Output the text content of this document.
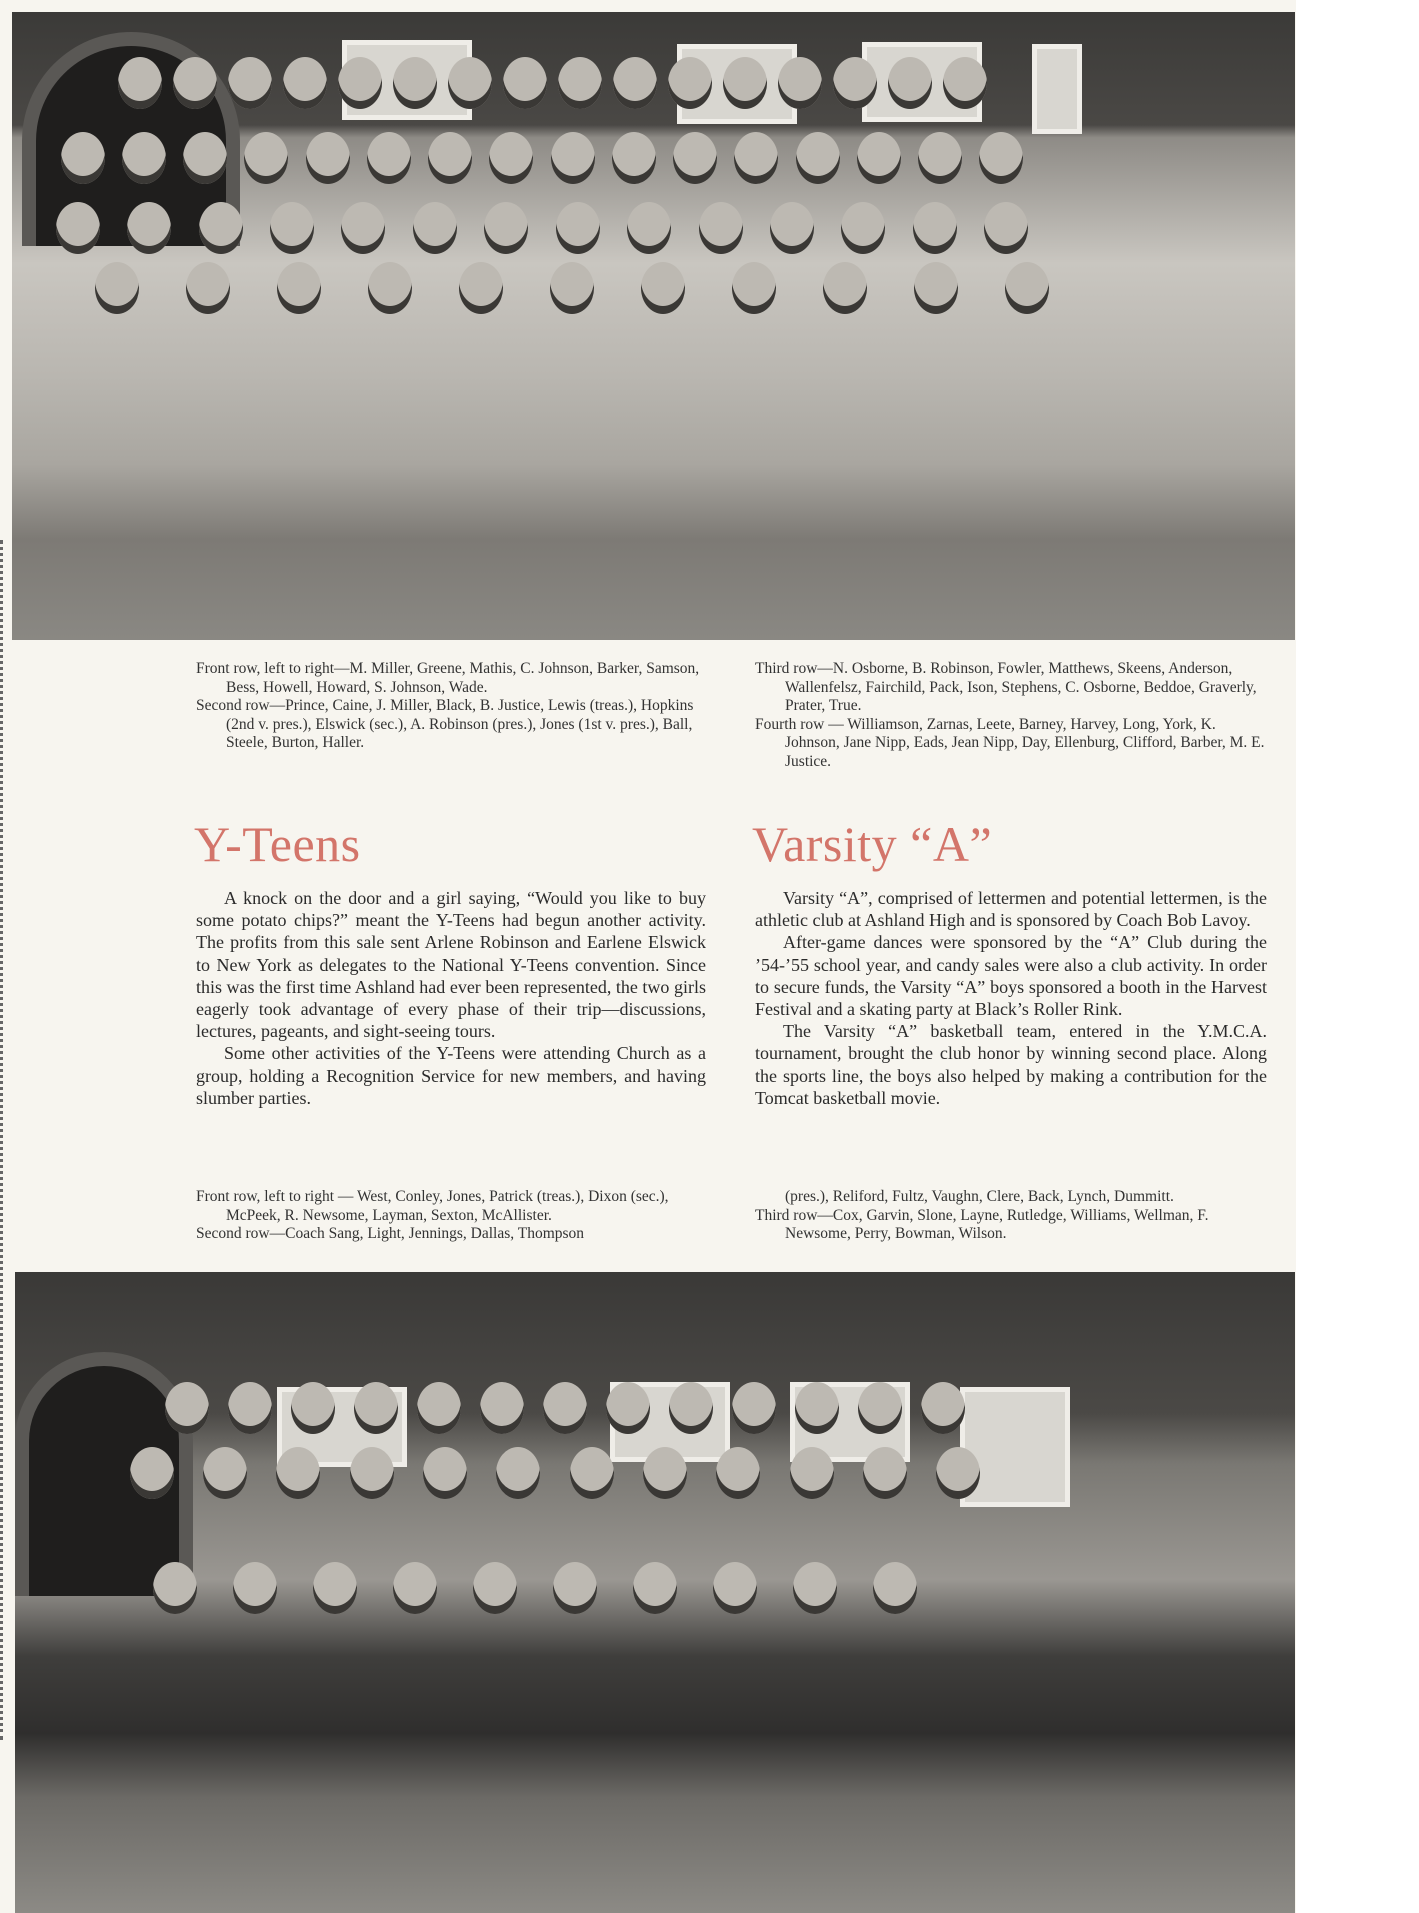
Front row, left to right—M. Miller, Greene, Mathis, C. Johnson, Barker, Samson, Bess, Howell, Howard, S. Johnson, Wade.

Second row—Prince, Caine, J. Miller, Black, B. Justice, Lewis (treas.), Hopkins (2nd v. pres.), Elswick (sec.), A. Robinson (pres.), Jones (1st v. pres.), Ball, Steele, Burton, Haller.

Third row—N. Osborne, B. Robinson, Fowler, Matthews, Skeens, Anderson, Wallenfelsz, Fairchild, Pack, Ison, Stephens, C. Osborne, Beddoe, Graverly, Prater, True.

Fourth row — Williamson, Zarnas, Leete, Barney, Harvey, Long, York, K. Johnson, Jane Nipp, Eads, Jean Nipp, Day, Ellenburg, Clifford, Barber, M. E. Justice.

Y-Teens

A knock on the door and a girl saying, “Would you like to buy some potato chips?” meant the Y-Teens had begun another activity. The profits from this sale sent Arlene Robinson and Earlene Elswick to New York as delegates to the National Y-Teens convention. Since this was the first time Ashland had ever been represented, the two girls eagerly took advantage of every phase of their trip—discussions, lectures, pageants, and sight-seeing tours.

Some other activities of the Y-Teens were attending Church as a group, holding a Recognition Service for new members, and having slumber parties.

Varsity “A”

Varsity “A”, comprised of lettermen and potential lettermen, is the athletic club at Ashland High and is sponsored by Coach Bob Lavoy.

After-game dances were sponsored by the “A” Club during the ’54-’55 school year, and candy sales were also a club activity. In order to secure funds, the Varsity “A” boys sponsored a booth in the Harvest Festival and a skating party at Black’s Roller Rink.

The Varsity “A” basketball team, entered in the Y.M.C.A. tournament, brought the club honor by winning second place. Along the sports line, the boys also helped by making a contribution for the Tomcat basketball movie.

Front row, left to right — West, Conley, Jones, Patrick (treas.), Dixon (sec.), McPeek, R. Newsome, Layman, Sexton, McAllister.

Second row—Coach Sang, Light, Jennings, Dallas, Thompson

(pres.), Reliford, Fultz, Vaughn, Clere, Back, Lynch, Dummitt.

Third row—Cox, Garvin, Slone, Layne, Rutledge, Williams, Wellman, F. Newsome, Perry, Bowman, Wilson.
